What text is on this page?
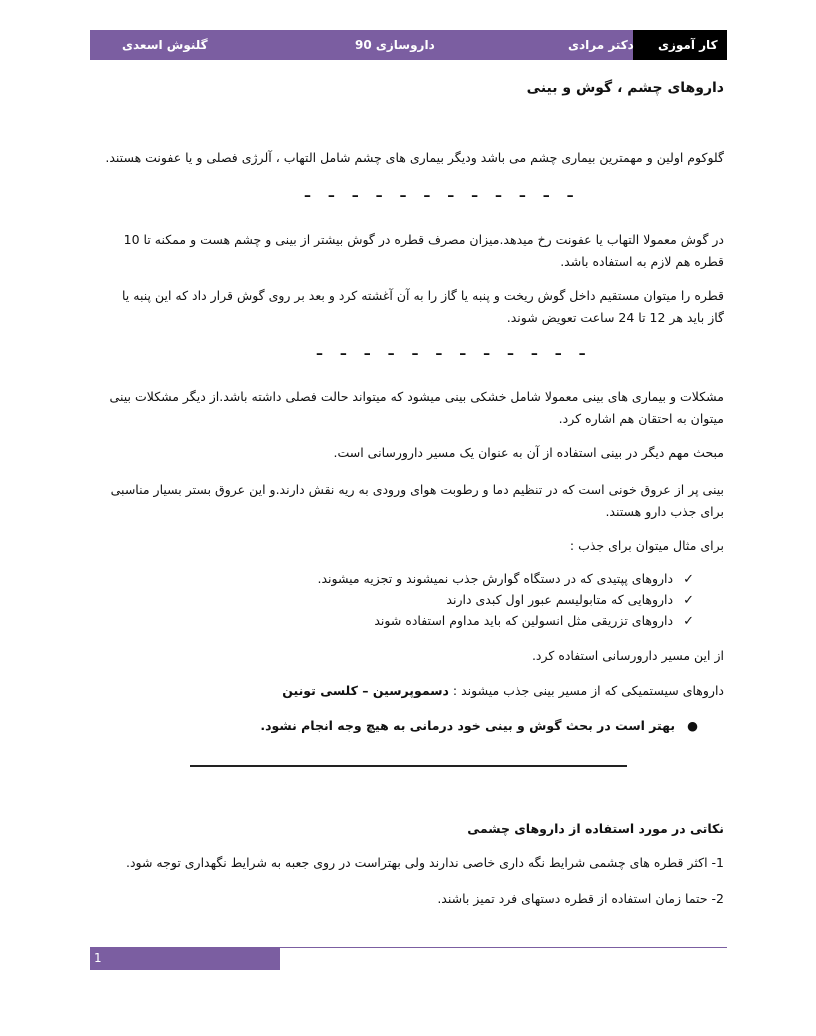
گلنوش اسعدی	داروسازی 90	دکتر مرادی کار آموزی
داروهای چشم ، گوش و بینی
گلوکوم اولین و مهمترین بیماری چشم می باشد ودیگر بیماری های چشم شامل التهاب ، آلرژی فصلی و یا عفونت هستند.
– – – – – – – – – – – –
در گوش معمولا التهاب یا عفونت رخ میدهد.میزان مصرف قطره در گوش بیشتر از بینی و چشم هست و ممکنه تا 10 قطره هم لازم به استفاده باشد.
قطره را میتوان مستقیم داخل گوش ریخت و پنبه یا گاز را به آن آغشته کرد و بعد بر روی گوش قرار داد که این پنبه یا گاز باید هر 12 تا 24 ساعت تعویض شوند.
– – – – – – – – – – – –
مشکلات و بیماری های بینی معمولا شامل خشکی بینی میشود که میتواند حالت فصلی داشته باشد.از دیگر مشکلات بینی میتوان به احتقان هم اشاره کرد.
مبحث مهم دیگر در بینی استفاده از آن به عنوان یک مسیر دارورسانی است.
بینی پر از عروق خونی است که در تنظیم دما و رطوبت هوای ورودی به ریه نقش دارند.و این عروق بستر بسیار مناسبی برای جذب دارو هستند.
برای مثال میتوان برای جذب :
✓داروهای پپتیدی که در دستگاه گوارش جذب نمیشوند و تجزیه میشوند.
✓داروهایی که متابولیسم عبور اول کبدی دارند
✓داروهای تزریقی مثل انسولین که باید مداوم استفاده شوند
از این مسیر دارورسانی استفاده کرد.
داروهای سیستمیکی که از مسیر بینی جذب میشوند : دسموپرسین – کلسی تونین
●بهتر است در بحث گوش و بینی خود درمانی به هیچ وجه انجام نشود.
نکاتی در مورد استفاده از داروهای چشمی
1- اکثر قطره های چشمی شرایط نگه داری خاصی ندارند ولی بهتراست در روی جعبه به شرایط نگهداری توجه شود.
2- حتما زمان استفاده از قطره دستهای فرد تمیز باشند.
1
